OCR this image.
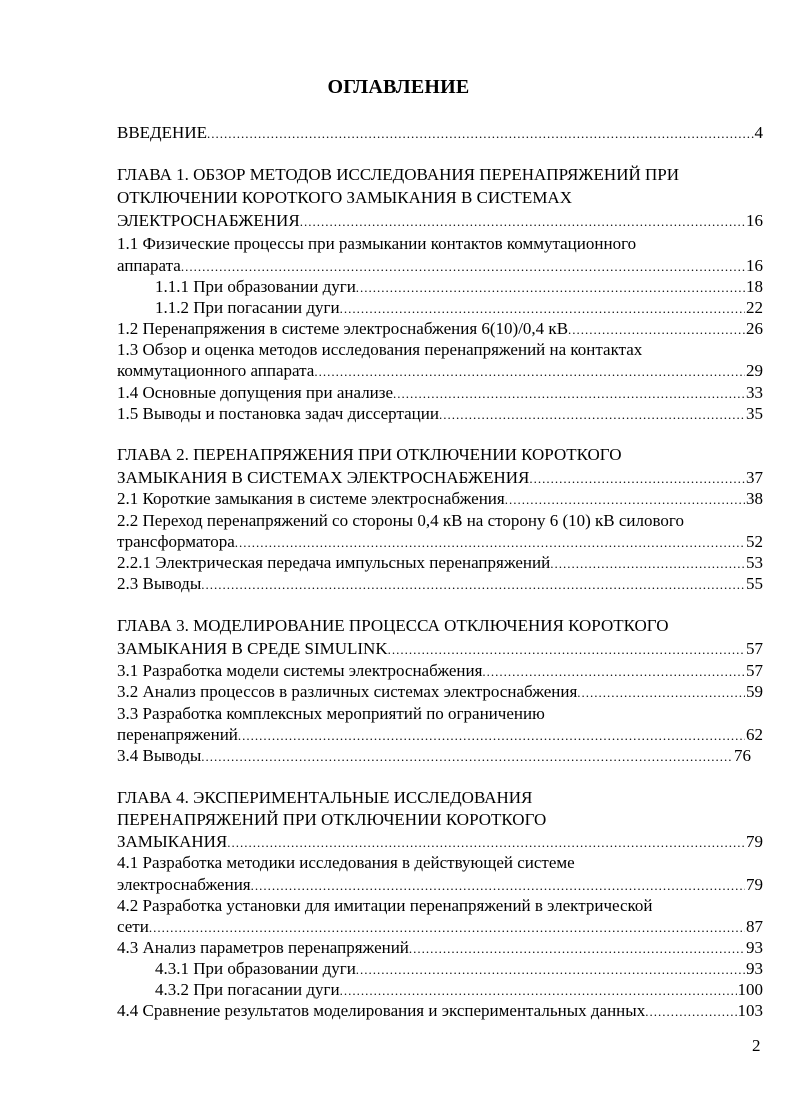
ОГЛАВЛЕНИЕ
ВВЕДЕНИЕ .....	4
ГЛАВА 1. ОБЗОР МЕТОДОВ ИССЛЕДОВАНИЯ ПЕРЕНАПРЯЖЕНИЙ ПРИ
ОТКЛЮЧЕНИИ КОРОТКОГО ЗАМЫКАНИЯ В СИСТЕМАХ
ЭЛЕКТРОСНАБЖЕНИЯ .....	16
1.1 Физические процессы при размыкании контактов коммутационного
аппарата .....	16
1.1.1 При образовании дуги .....	18
1.1.2 При погасании дуги .....	22
1.2 Перенапряжения в системе электроснабжения 6(10)/0,4 кВ .....	26
1.3 Обзор и оценка методов исследования перенапряжений на контактах
коммутационного аппарата .....	29
1.4 Основные допущения при анализе .....	33
1.5 Выводы и постановка задач диссертации .....	35
ГЛАВА 2. ПЕРЕНАПРЯЖЕНИЯ ПРИ ОТКЛЮЧЕНИИ КОРОТКОГО
ЗАМЫКАНИЯ В СИСТЕМАХ ЭЛЕКТРОСНАБЖЕНИЯ .....	37
2.1 Короткие замыкания в системе электроснабжения .....	38
2.2 Переход перенапряжений со стороны 0,4 кВ на сторону 6 (10) кВ силового
трансформатора .....	52
2.2.1 Электрическая передача импульсных перенапряжений .....	53
2.3 Выводы .....	55
ГЛАВА 3. МОДЕЛИРОВАНИЕ ПРОЦЕССА ОТКЛЮЧЕНИЯ КОРОТКОГО
ЗАМЫКАНИЯ В СРЕДЕ SIMULINK .....	57
3.1 Разработка модели системы электроснабжения .....	57
3.2 Анализ процессов в различных системах электроснабжения .....	59
3.3 Разработка комплексных мероприятий по ограничению
перенапряжений .....	62
3.4 Выводы .....	76
ГЛАВА 4. ЭКСПЕРИМЕНТАЛЬНЫЕ ИССЛЕДОВАНИЯ
ПЕРЕНАПРЯЖЕНИЙ ПРИ ОТКЛЮЧЕНИИ КОРОТКОГО
ЗАМЫКАНИЯ .....	79
4.1 Разработка методики исследования в действующей системе
электроснабжения .....	79
4.2 Разработка установки для имитации перенапряжений в электрической
сети .....	87
4.3 Анализ параметров перенапряжений .....	93
4.3.1 При образовании дуги .....	93
4.3.2 При погасании дуги .....	100
4.4 Сравнение результатов моделирования и экспериментальных данных .....	103
2
